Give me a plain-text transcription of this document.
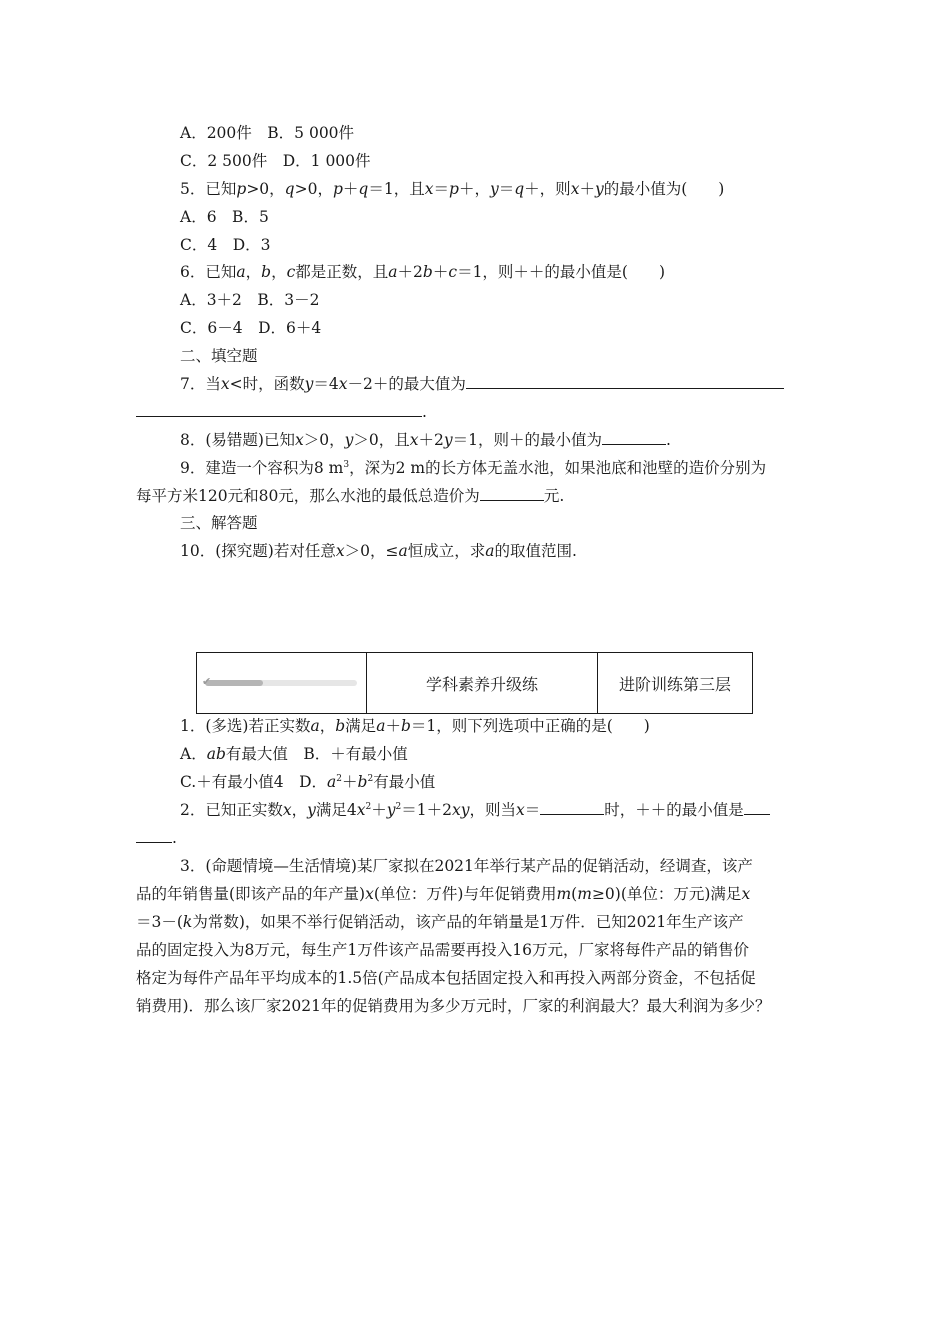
A．200件　B．5 000件
C．2 500件　D．1 000件
5．已知p>0，q>0，p＋q＝1，且x＝p＋，y＝q＋，则x＋y的最小值为(　　)
A．6　B．5
C．4　D．3
6．已知a，b，c都是正数，且a＋2b＋c＝1，则＋＋的最小值是(　　)
A．3＋2　B．3－2
C．6－4　D．6＋4
二、填空题
7．当x<时，函数y＝4x－2＋的最大值为
.
8．(易错题)已知x＞0，y＞0，且x＋2y＝1，则＋的最小值为	.
9．建造一个容积为8 $m^3$，深为2 m的长方体无盖水池，如果池底和池壁的造价分别为
每平方米120元和80元，那么水池的最低总造价为	元.
三、解答题
10．(探究题)若对任意x＞0，≤a恒成立，求a的取值范围.
✔	学科素养升级练	进阶训练第三层
1．(多选)若正实数a，b满足a＋b＝1，则下列选项中正确的是(　　)
A．ab有最大值　B．＋有最小值
C.＋有最小值4　D．$a^2+b^2$有最小值
2．已知正实数x，y满足$4x^2+y^2=1+2xy$，则当x＝	时，＋＋的最小值是
.
3．(命题情境—生活情境)某厂家拟在2021年举行某产品的促销活动，经调查，该产
品的年销售量(即该产品的年产量)x(单位：万件)与年促销费用m(m≥0)(单位：万元)满足x
＝3－(k为常数)，如果不举行促销活动，该产品的年销量是1万件．已知2021年生产该产
品的固定投入为8万元，每生产1万件该产品需要再投入16万元，厂家将每件产品的销售价
格定为每件产品年平均成本的1.5倍(产品成本包括固定投入和再投入两部分资金，不包括促
销费用)．那么该厂家2021年的促销费用为多少万元时，厂家的利润最大？最大利润为多少？
